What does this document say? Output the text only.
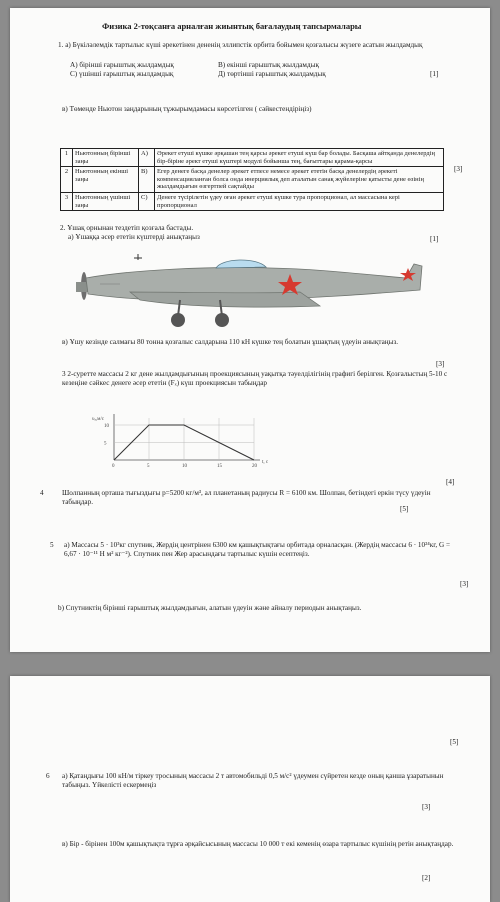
Физика 2-тоқсанға арналған жиынтық бағалаудың тапсырмалары
1. а) Бүкіләлемдік тартылыс күші әрекетінен дененің эллипстік орбита бойымен қозғалысы жүзеге асатын жылдамдық
А) бірінші ғарыштық жылдамдық	В) екінші ғарыштық жылдамдық
С) үшінші ғарыштық жылдамдық	Д) төртінші ғарыштық жылдамдық	[1]
в) Төменде Ньютон заңдарының тұжырымдамасы көрсетілген ( сәйкестендіріңіз)
[3]
1	Ньютонның бірінші заңы	A)	Әрекет етуші күшке әрқашан тең қарсы әрекет етуші күш бар болады. Басқаша айтқанда денелердің бір-біріне әрект етуші күштері модулі бойынша тең, бағыттары қарама-қарсы
2	Ньютонның екінші заңы	B)	Егер денеге басқа денелер әрекет етпесе немесе әрекет ететін басқа денелердің әрекеті компенсацияланған болса онда инерциялық деп аталатын санақ жүйелеріне қатысты дене өзінің жылдамдығын өзгертпей сақтайды
3	Ньютонның үшінші заңы	C)	Денеге түсірілетін үдеу оған әрекет етуші күшке тура пропорционал, ал массасына кері пропорционал
2. Ұшақ орнынан тездетіп қозғала бастады.
а) Ұшаққа әсер ететін күштерді анықтаңыз	[1]
в) Ұшу кезінде салмағы 80 тонна қозғалыс салдарына 110 кН күшке тең болатын ұшақтың үдеуін анықтаңыз.
[3]
3 2-суретте массасы 2 кг дене жылдамдығының проекциясының уақытқа тәуелділігінің графигі берілген. Қозғалыстың 5-10 с кезеңіне сәйкес денеге әсер ететін (Fₓ) күш проекциясын табыңдар
0	5	10	15	20
10
5
υₓ,м/с
t, с
[4]
4	Шолпанның орташа тығыздығы р=5200 кг/м³, ал планетаның радиусы R = 6100 км. Шолпан, бетіндегі еркін түсу үдеуін табыңдар.
[5]
5 а) Массасы 5 · 10³кг спутник, Жердің центрінен 6300 км қашықтықтағы орбитада орналасқан. (Жердің массасы 6 · 10²⁴кг, G = 6,67 · 10⁻¹¹ Н м² кг⁻²). Спутник пен Жер арасындағы тартылыс күшін есептеңіз.
[3]
b) Спутниктің бірінші ғарыштық жылдамдығын, алатын үдеуін және айналу периодын анықтаңыз.
[5]
6 а) Қатаңдығы 100 кН/м тіркеу тросының массасы 2 т автомобильді 0,5 м/с² үдеумен сүйретен кезде оның қанша ұзаратынын табыңыз. Үйкелісті ескермеңіз
[3]
в) Бір - бірінен 100м қашықтықта тұрға әрқайсысының массасы 10 000 т екі кеменің өзара тартылыс күшінің ретін анықтаңдар.
[2]
